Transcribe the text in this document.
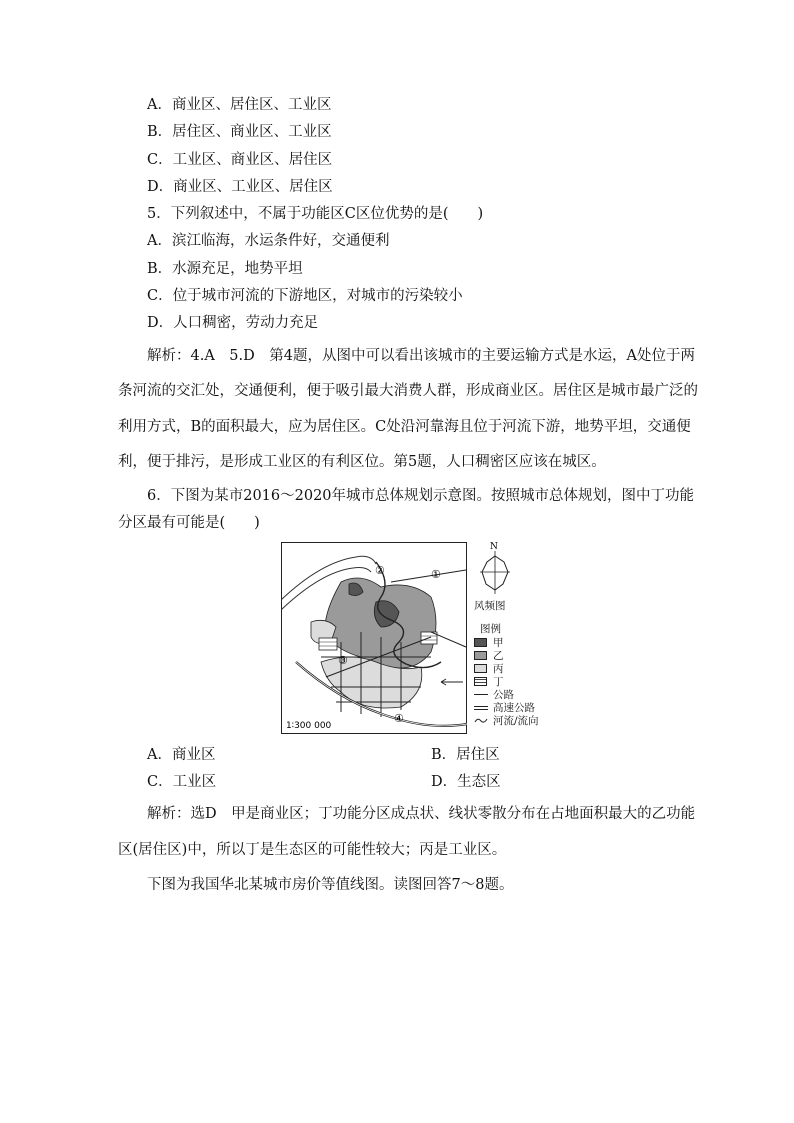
A．商业区、居住区、工业区
B．居住区、商业区、工业区
C．工业区、商业区、居住区
D．商业区、工业区、居住区
5．下列叙述中，不属于功能区C区位优势的是(　　)
A．滨江临海，水运条件好，交通便利
B．水源充足，地势平坦
C．位于城市河流的下游地区，对城市的污染较小
D．人口稠密，劳动力充足
解析：4.A　5.D　第4题，从图中可以看出该城市的主要运输方式是水运，A处位于两
条河流的交汇处，交通便利，便于吸引最大消费人群，形成商业区。居住区是城市最广泛的
利用方式，B的面积最大，应为居住区。C处沿河靠海且位于河流下游，地势平坦，交通便
利，便于排污，是形成工业区的有利区位。第5题，人口稠密区应该在城区。
6．下图为某市2016～2020年城市总体规划示意图。按照城市总体规划，图中丁功能
分区最有可能是(　　)
①
②
③
④
1∶300 000
N
风频图
图例
甲
乙
丙
丁
公路
高速公路
河流/流向
A．商业区	B．居住区
C．工业区	D．生态区
解析：选D　甲是商业区；丁功能分区成点状、线状零散分布在占地面积最大的乙功能
区(居住区)中，所以丁是生态区的可能性较大；丙是工业区。
下图为我国华北某城市房价等值线图。读图回答7～8题。
